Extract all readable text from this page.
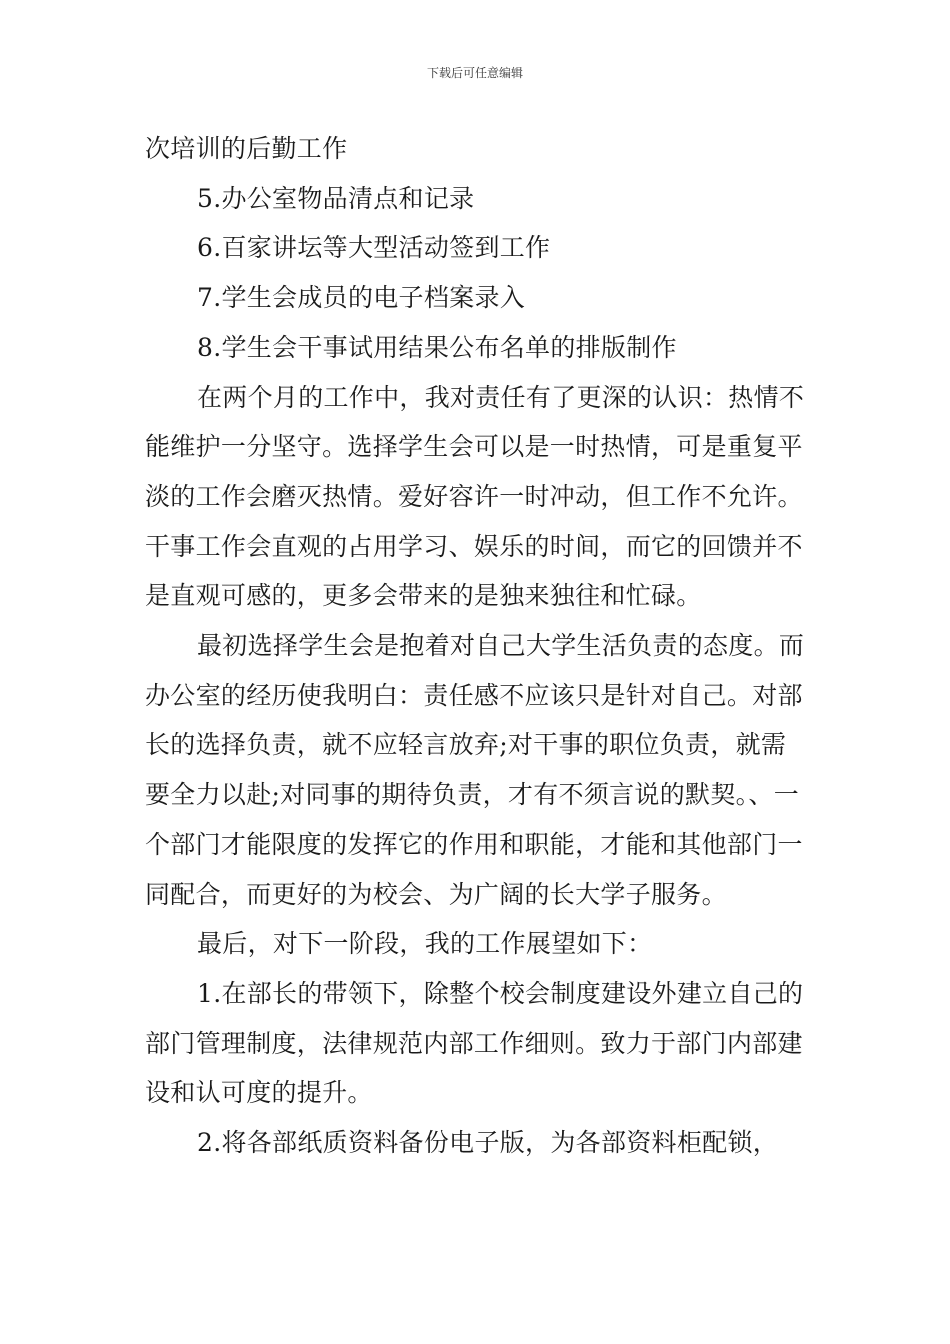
下载后可任意编辑

次培训的后勤工作

5.办公室物品清点和记录

6.百家讲坛等大型活动签到工作

7.学生会成员的电子档案录入

8.学生会干事试用结果公布名单的排版制作

在两个月的工作中，我对责任有了更深的认识：热情不能维护一分坚守。选择学生会可以是一时热情，可是重复平淡的工作会磨灭热情。爱好容许一时冲动，但工作不允许。干事工作会直观的占用学习、娱乐的时间，而它的回馈并不是直观可感的，更多会带来的是独来独往和忙碌。

最初选择学生会是抱着对自己大学生活负责的态度。而办公室的经历使我明白：责任感不应该只是针对自己。对部长的选择负责，就不应轻言放弃;对干事的职位负责，就需要全力以赴;对同事的期待负责，才有不须言说的默契。、一个部门才能限度的发挥它的作用和职能，才能和其他部门一同配合，而更好的为校会、为广阔的长大学子服务。

最后，对下一阶段，我的工作展望如下：

1.在部长的带领下，除整个校会制度建设外建立自己的部门管理制度，法律规范内部工作细则。致力于部门内部建设和认可度的提升。

2.将各部纸质资料备份电子版，为各部资料柜配锁，
